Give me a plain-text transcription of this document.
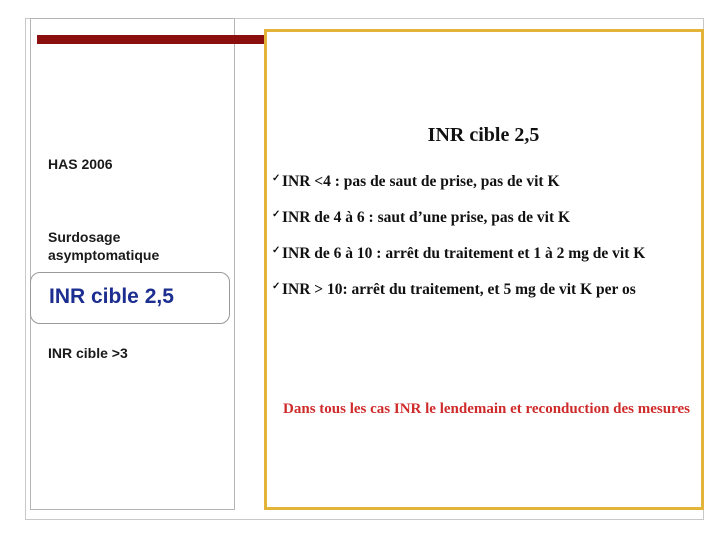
HAS 2006

Surdosage
asymptomatique

INR cible 2,5
INR cible >3
INR cible 2,5
✓ INR <4 : pas de saut de prise, pas de vit K
✓ INR de 4 à 6 : saut d’une prise, pas de vit K
✓ INR de 6 à 10 : arrêt du traitement et 1 à 2 mg de vit K
✓ INR > 10: arrêt du traitement, et 5 mg de vit K per os
Dans tous les cas INR le lendemain et reconduction des mesures
